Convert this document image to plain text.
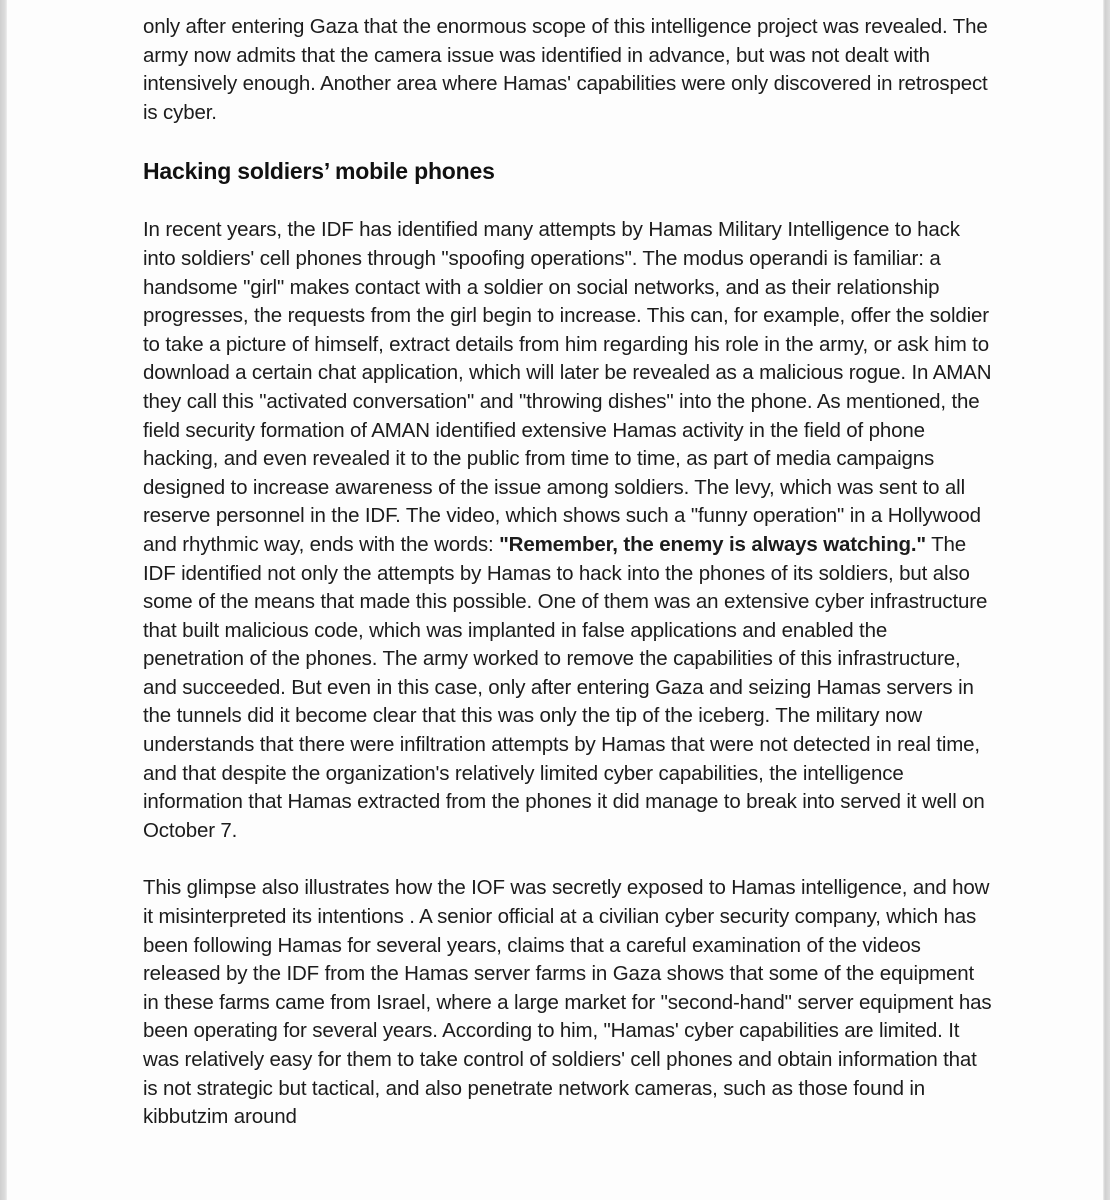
only after entering Gaza that the enormous scope of this intelligence project was revealed. The army now admits that the camera issue was identified in advance, but was not dealt with intensively enough. Another area where Hamas' capabilities were only discovered in retrospect is cyber.

Hacking soldiers’ mobile phones

In recent years, the IDF has identified many attempts by Hamas Military Intelligence to hack into soldiers' cell phones through "spoofing operations". The modus operandi is familiar: a handsome "girl" makes contact with a soldier on social networks, and as their relationship progresses, the requests from the girl begin to increase. This can, for example, offer the soldier to take a picture of himself, extract details from him regarding his role in the army, or ask him to download a certain chat application, which will later be revealed as a malicious rogue. In AMAN they call this "activated conversation" and "throwing dishes" into the phone. As mentioned, the field security formation of AMAN identified extensive Hamas activity in the field of phone hacking, and even revealed it to the public from time to time, as part of media campaigns designed to increase awareness of the issue among soldiers. The levy, which was sent to all reserve personnel in the IDF. The video, which shows such a "funny operation" in a Hollywood and rhythmic way, ends with the words: "Remember, the enemy is always watching." The IDF identified not only the attempts by Hamas to hack into the phones of its soldiers, but also some of the means that made this possible. One of them was an extensive cyber infrastructure that built malicious code, which was implanted in false applications and enabled the penetration of the phones. The army worked to remove the capabilities of this infrastructure, and succeeded. But even in this case, only after entering Gaza and seizing Hamas servers in the tunnels did it become clear that this was only the tip of the iceberg. The military now understands that there were infiltration attempts by Hamas that were not detected in real time, and that despite the organization's relatively limited cyber capabilities, the intelligence information that Hamas extracted from the phones it did manage to break into served it well on October 7.

This glimpse also illustrates how the IOF was secretly exposed to Hamas intelligence, and how it misinterpreted its intentions . A senior official at a civilian cyber security company, which has been following Hamas for several years, claims that a careful examination of the videos released by the IDF from the Hamas server farms in Gaza shows that some of the equipment in these farms came from Israel, where a large market for "second-hand" server equipment has been operating for several years. According to him, "Hamas' cyber capabilities are limited. It was relatively easy for them to take control of soldiers' cell phones and obtain information that is not strategic but tactical, and also penetrate network cameras, such as those found in kibbutzim around
